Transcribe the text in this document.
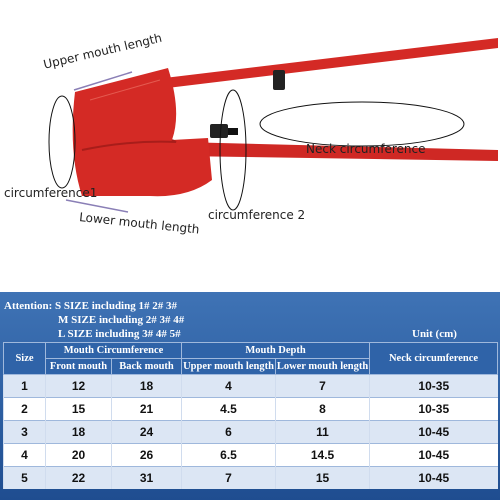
Upper mouth length
Neck circumference
circumference1
circumference 2
Lower mouth length
Attention: S SIZE including 1# 2# 3#
M SIZE including 2# 3# 4#
L SIZE including 3# 4# 5#	Unit (cm)
Size	Mouth Circumference		Mouth Depth		Neck circumference
	Front mouth	Back mouth	Upper mouth length	Lower mouth length	
1	12	18	4	7	10-35
2	15	21	4.5	8	10-35
3	18	24	6	11	10-45
4	20	26	6.5	14.5	10-45
5	22	31	7	15	10-45
